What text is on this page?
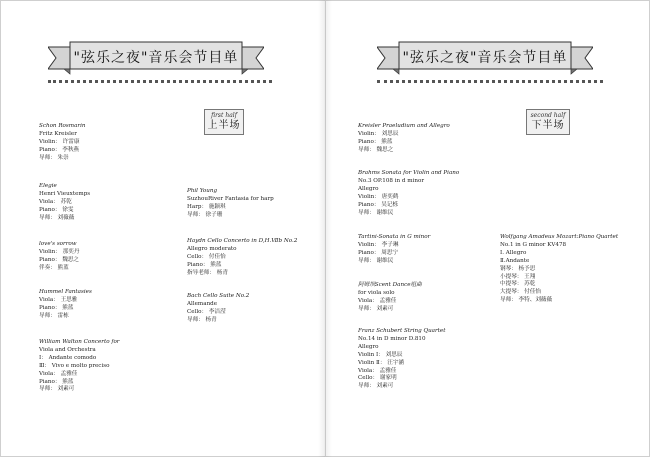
"弦乐之夜"音乐会节目单
first half
上半场
Schon Rosmarin
Fritz Kreisler
Violin： 许雷康
Piano： 李秋燕
导师： 朱崇
Elegie
Henri Vieuxtemps
Viola： 苏乾
Piano： 徐雯
导师： 刘薇薇
love's sorrow
Violin： 那奕丹
Piano： 魏思之
伴奏： 熊蓝
Hummel Fantasies
Viola： 王思雅
Piano： 熊蓝
导师： 雷栋
William Walton Concerto for
Viola and Orchestra
Ⅰ： Andante comodo
Ⅲ： Vivo e molto preciso
Viola： 孟雅佳
Piano： 熊蓝
导师： 刘素可
Phil Young
SuzhouRiver Fantasia for harp
Harp： 施颖琪
导师： 徐子珊
Haydn Cello Concerto in D,H.Ⅶb No.2
Allegro moderato
Cello： 付佳怡
Piano： 熊蓝
指导老师： 杨青
Bach Cello Suite No.2
Allemande
Cello： 李洁滢
导师： 杨青
"弦乐之夜"音乐会节目单
second half
下半场
Kreisler Praeludium and Allegro
Violin： 刘思辰
Piano： 熊蓝
导师： 魏思之
Brahms Sonata for Violin and Piano
No.3 OP.108 in d minor
Allegro
Violin： 唐奕鹤
Piano： 吴记栎
导师： 谢维民
Tartini-Sonata in G minor
Violin： 李子琳
Piano： 周思宁
导师： 谢维民
阿姆坝Scent Dance组曲
for viola solo
Viola： 孟雅佳
导师： 刘素可
Franz Schubert String Quartet
No.14 in D minor D.810
Allegro
Violin Ⅰ： 刘思辰
Violin Ⅱ： 汪宇涵
Viola： 孟雅佳
Cello： 谢家明
导师： 刘素可
Wolfgang Amadeus Mozart:Piano Quartet
No.1 in G minor KV478
Ⅰ. Allegro
Ⅱ.Andante
钢琴： 杨予思
小提琴： 王翔
中提琴： 苏乾
大提琴： 付佳怡
导师： 李特、刘薇薇
